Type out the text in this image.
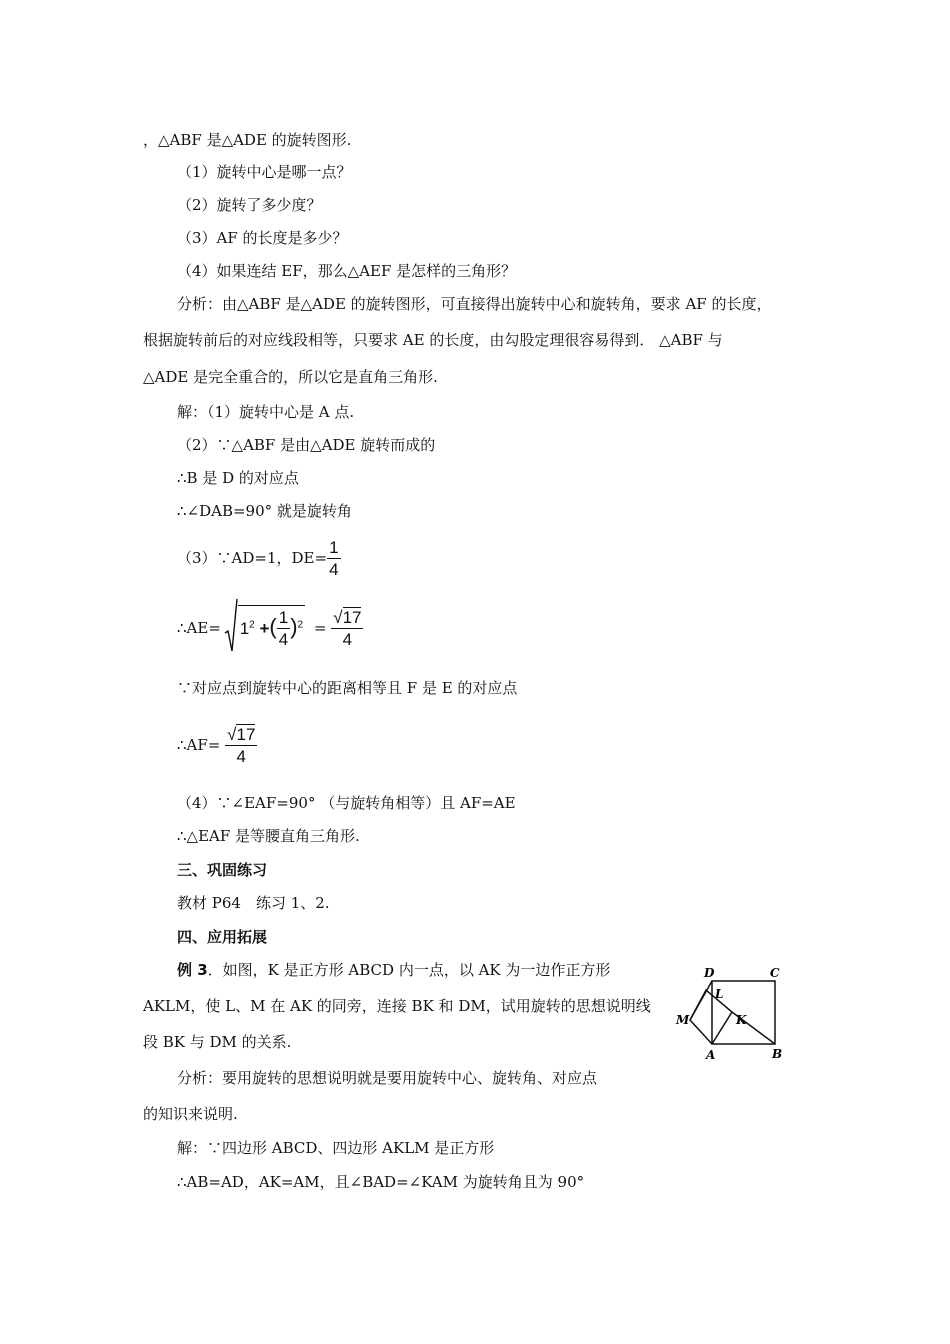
，△ABF 是△ADE 的旋转图形.
（1）旋转中心是哪一点？
（2）旋转了多少度？
（3）AF 的长度是多少？
（4）如果连结 EF，那么△AEF 是怎样的三角形？
分析：由△ABF 是△ADE 的旋转图形，可直接得出旋转中心和旋转角，要求 AF 的长度，
根据旋转前后的对应线段相等，只要求 AE 的长度，由勾股定理很容易得到． △ABF 与
△ADE 是完全重合的，所以它是直角三角形.
解：（1）旋转中心是 A 点.
（2）∵△ABF 是由△ADE 旋转而成的
∴B 是 D 的对应点
∴∠DAB=90° 就是旋转角
（3）∵AD=1，$DE= \frac{1}{4}$
∴AE= $1^2$ +( $\frac{1}{4} )^2 = \frac{√17}{4}$
∵对应点到旋转中心的距离相等且 F 是 E 的对应点
∴AF= $\frac{√17}{4}$
（4）∵∠EAF=90° （与旋转角相等）且 AF=AE
∴△EAF 是等腰直角三角形.
三、巩固练习
教材 P64　练习 1、2.
四、应用拓展
例 3．如图，K 是正方形 ABCD 内一点，以 AK 为一边作正方形
AKLM，使 L、M 在 AK 的同旁，连接 BK 和 DM，试用旋转的思想说明线
段 BK 与 DM 的关系.
分析：要用旋转的思想说明就是要用旋转中心、旋转角、对应点
的知识来说明.
解：∵四边形 ABCD、四边形 AKLM 是正方形
∴AB=AD，AK=AM，且∠BAD=∠KAM 为旋转角且为 90°
D	C
L
M	K
A	B
